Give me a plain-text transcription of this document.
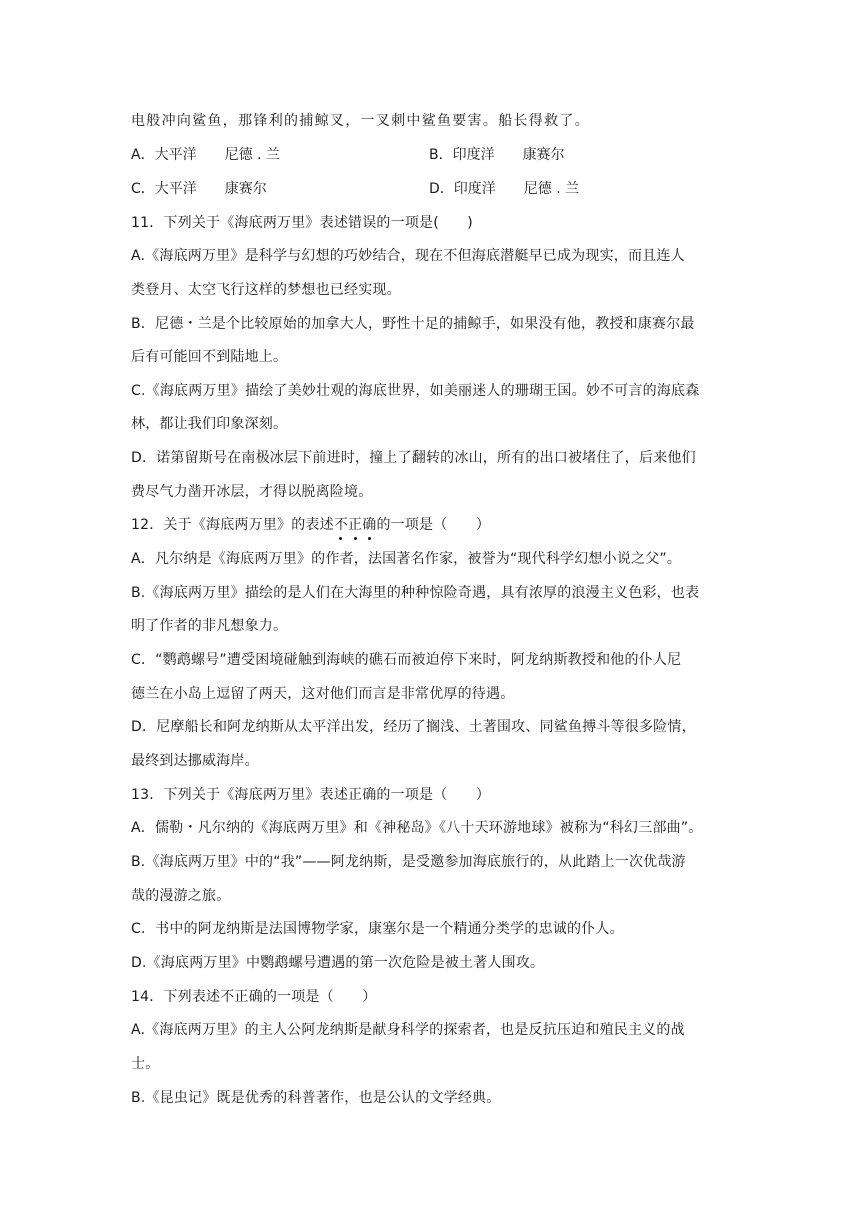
电般冲向鲨鱼，那锋利的捕鲸叉，一叉刺中鲨鱼要害。船长得救了。
A．大平洋　　尼德 . 兰	B．印度洋　　康赛尔
C．大平洋　　康赛尔	D．印度洋　　尼德 . 兰
11．下列关于《海底两万里》表述错误的一项是(　　)
A.《海底两万里》是科学与幻想的巧妙结合，现在不但海底潜艇早已成为现实，而且连人
类登月、太空飞行这样的梦想也已经实现。
B．尼德・兰是个比较原始的加拿大人，野性十足的捕鲸手，如果没有他，教授和康赛尔最
后有可能回不到陆地上。
C.《海底两万里》描绘了美妙壮观的海底世界，如美丽迷人的珊瑚王国。妙不可言的海底森
林，都让我们印象深刻。
D．诺第留斯号在南极冰层下前进时，撞上了翻转的冰山，所有的出口被堵住了，后来他们
费尽气力凿开冰层，才得以脱离险境。
12．关于《海底两万里》的表述不正确的一项是（　　）
A．凡尔纳是《海底两万里》的作者，法国著名作家，被誉为“现代科学幻想小说之父”。
B.《海底两万里》描绘的是人们在大海里的种种惊险奇遇，具有浓厚的浪漫主义色彩，也表
明了作者的非凡想象力。
C．“鹦鹉螺号”遭受困境碰触到海峡的礁石而被迫停下来时，阿龙纳斯教授和他的仆人尼
德兰在小岛上逗留了两天，这对他们而言是非常优厚的待遇。
D．尼摩船长和阿龙纳斯从太平洋出发，经历了搁浅、土著围攻、同鲨鱼搏斗等很多险情，
最终到达挪威海岸。
13．下列关于《海底两万里》表述正确的一项是（　　）
A．儒勒・凡尔纳的《海底两万里》和《神秘岛》《八十天环游地球》被称为“科幻三部曲”。
B.《海底两万里》中的“我”——阿龙纳斯，是受邀参加海底旅行的，从此踏上一次优哉游
哉的漫游之旅。
C．书中的阿龙纳斯是法国博物学家，康塞尔是一个精通分类学的忠诚的仆人。
D.《海底两万里》中鹦鹉螺号遭遇的第一次危险是被土著人围攻。
14．下列表述不正确的一项是（　　）
A.《海底两万里》的主人公阿龙纳斯是献身科学的探索者，也是反抗压迫和殖民主义的战
士。
B.《昆虫记》既是优秀的科普著作，也是公认的文学经典。
